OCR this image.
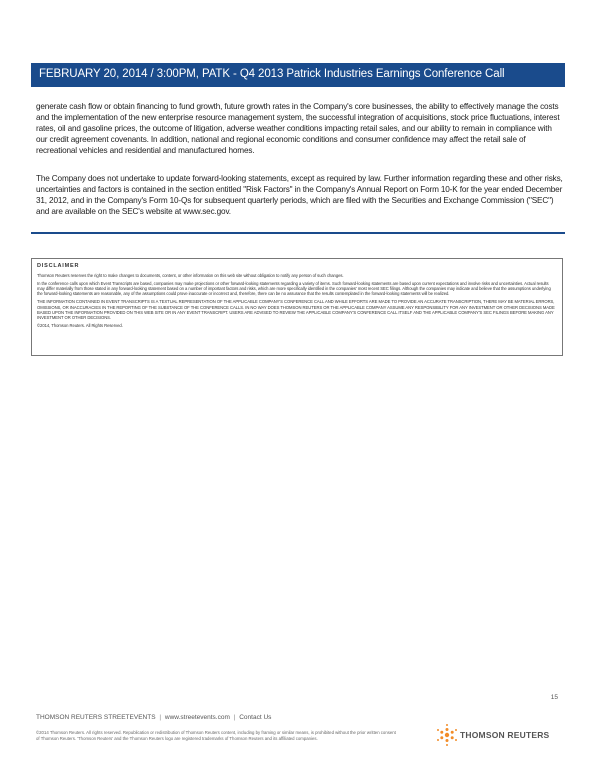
FEBRUARY 20, 2014 / 3:00PM, PATK - Q4 2013 Patrick Industries Earnings Conference Call
generate cash flow or obtain financing to fund growth, future growth rates in the Company's core businesses, the ability to effectively manage the costs and the implementation of the new enterprise resource management system, the successful integration of acquisitions, stock price fluctuations, interest rates, oil and gasoline prices, the outcome of litigation, adverse weather conditions impacting retail sales, and our ability to remain in compliance with our credit agreement covenants. In addition, national and regional economic conditions and consumer confidence may affect the retail sale of recreational vehicles and residential and manufactured homes.
The Company does not undertake to update forward-looking statements, except as required by law. Further information regarding these and other risks, uncertainties and factors is contained in the section entitled "Risk Factors" in the Company's Annual Report on Form 10-K for the year ended December 31, 2012, and in the Company's Form 10-Qs for subsequent quarterly periods, which are filed with the Securities and Exchange Commission ("SEC") and are available on the SEC's website at www.sec.gov.
DISCLAIMER

Thomson Reuters reserves the right to make changes to documents, content, or other information on this web site without obligation to notify any person of such changes.

In the conference calls upon which Event Transcripts are based, companies may make projections or other forward-looking statements regarding a variety of items. Such forward-looking statements are based upon current expectations and involve risks and uncertainties. Actual results may differ materially from those stated in any forward-looking statement based on a number of important factors and risks, which are more specifically identified in the companies' most recent SEC filings. Although the companies may indicate and believe that the assumptions underlying the forward-looking statements are reasonable, any of the assumptions could prove inaccurate or incorrect and, therefore, there can be no assurance that the results contemplated in the forward-looking statements will be realized.

THE INFORMATION CONTAINED IN EVENT TRANSCRIPTS IS A TEXTUAL REPRESENTATION OF THE APPLICABLE COMPANY'S CONFERENCE CALL AND WHILE EFFORTS ARE MADE TO PROVIDE AN ACCURATE TRANSCRIPTION, THERE MAY BE MATERIAL ERRORS, OMISSIONS, OR INACCURACIES IN THE REPORTING OF THE SUBSTANCE OF THE CONFERENCE CALLS. IN NO WAY DOES THOMSON REUTERS OR THE APPLICABLE COMPANY ASSUME ANY RESPONSIBILITY FOR ANY INVESTMENT OR OTHER DECISIONS MADE BASED UPON THE INFORMATION PROVIDED ON THIS WEB SITE OR IN ANY EVENT TRANSCRIPT. USERS ARE ADVISED TO REVIEW THE APPLICABLE COMPANY'S CONFERENCE CALL ITSELF AND THE APPLICABLE COMPANY'S SEC FILINGS BEFORE MAKING ANY INVESTMENT OR OTHER DECISIONS.

©2014, Thomson Reuters. All Rights Reserved.

15
THOMSON REUTERS STREETEVENTS | www.streetevents.com | Contact Us
©2014 Thomson Reuters. All rights reserved. Republication or redistribution of Thomson Reuters content, including by framing or similar means, is prohibited without the prior written consent of Thomson Reuters. 'Thomson Reuters' and the Thomson Reuters logo are registered trademarks of Thomson Reuters and its affiliated companies.	THOMSON REUTERS
